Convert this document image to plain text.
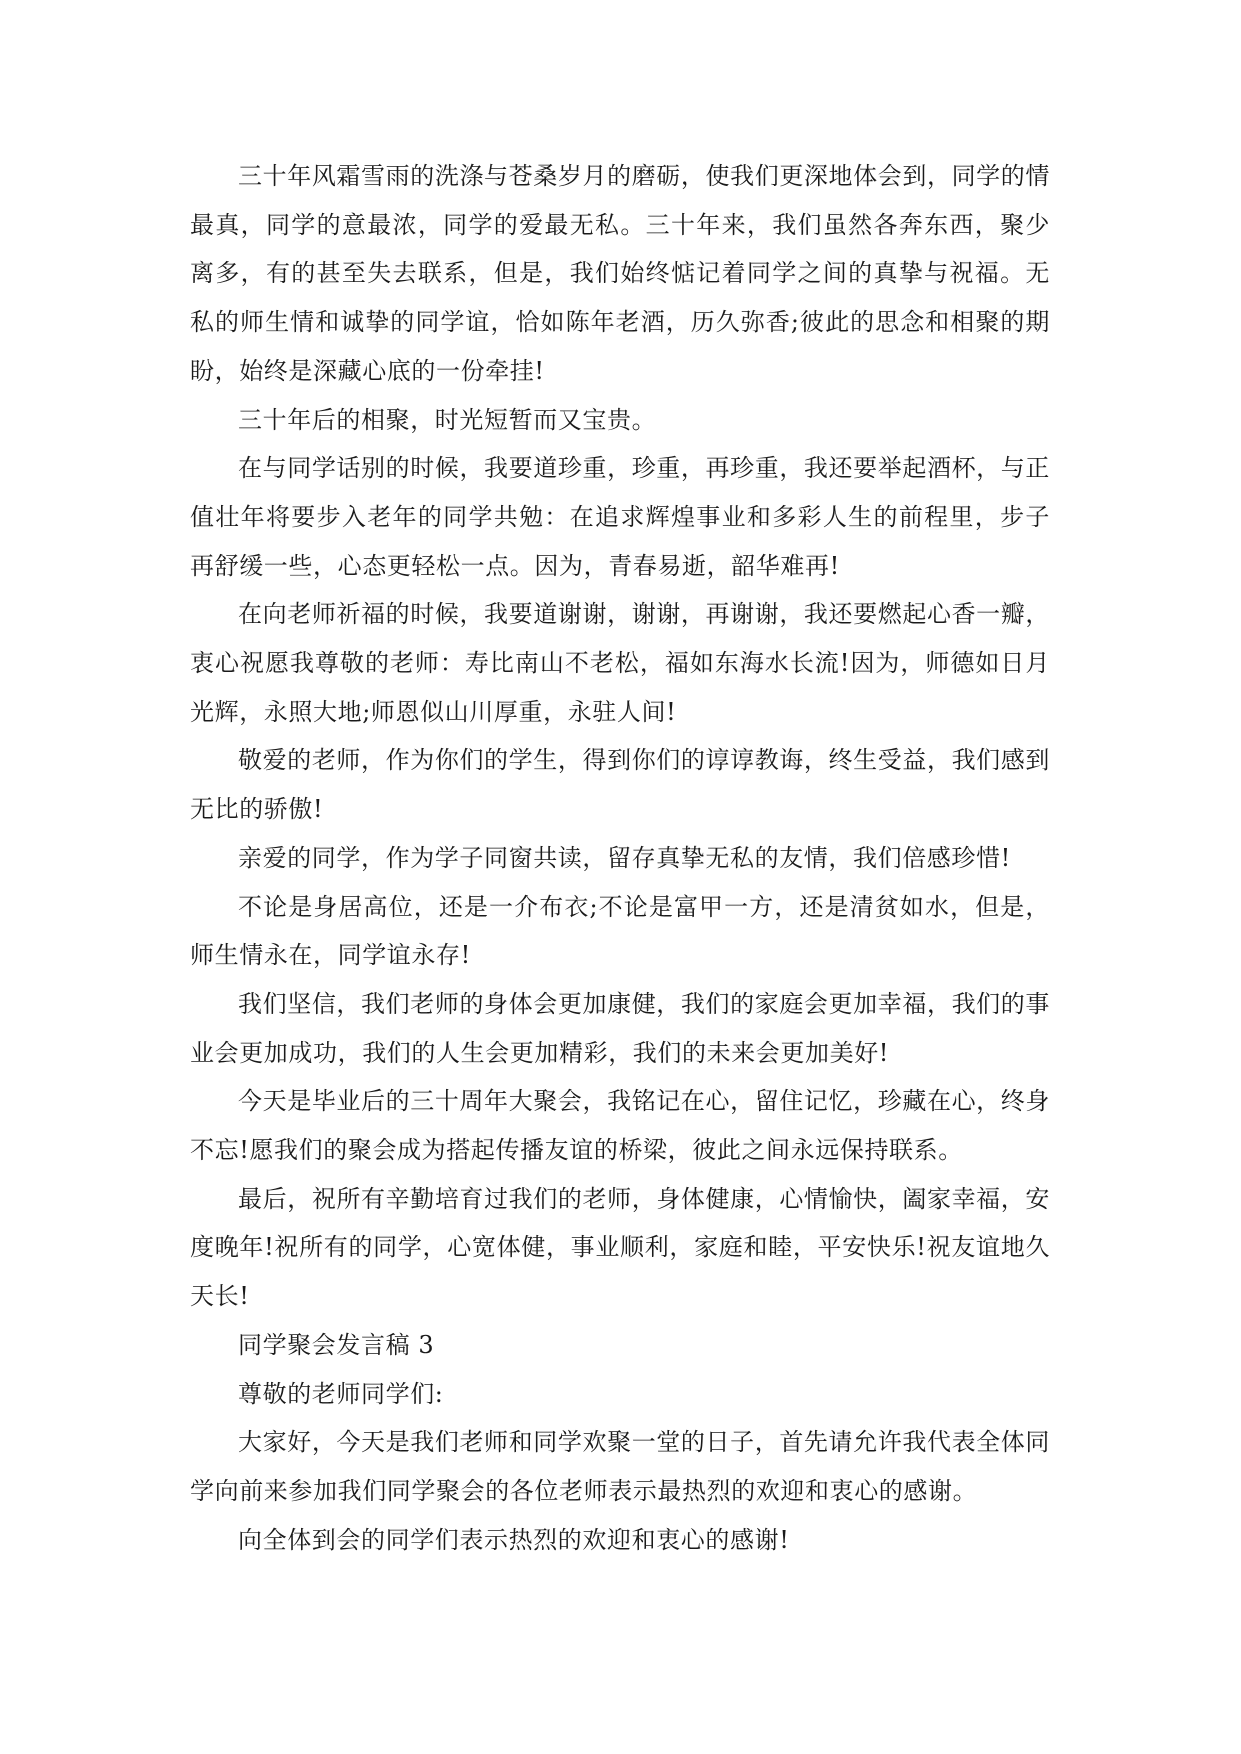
三十年风霜雪雨的洗涤与苍桑岁月的磨砺，使我们更深地体会到，同学的情最真，同学的意最浓，同学的爱最无私。三十年来，我们虽然各奔东西，聚少离多，有的甚至失去联系，但是，我们始终惦记着同学之间的真挚与祝福。无私的师生情和诚挚的同学谊，恰如陈年老酒，历久弥香;彼此的思念和相聚的期盼，始终是深藏心底的一份牵挂!

三十年后的相聚，时光短暂而又宝贵。

在与同学话别的时候，我要道珍重，珍重，再珍重，我还要举起酒杯，与正值壮年将要步入老年的同学共勉：在追求辉煌事业和多彩人生的前程里，步子再舒缓一些，心态更轻松一点。因为，青春易逝，韶华难再!

在向老师祈福的时候，我要道谢谢，谢谢，再谢谢，我还要燃起心香一瓣，衷心祝愿我尊敬的老师：寿比南山不老松，福如东海水长流!因为，师德如日月光辉，永照大地;师恩似山川厚重，永驻人间!

敬爱的老师，作为你们的学生，得到你们的谆谆教诲，终生受益，我们感到无比的骄傲!

亲爱的同学，作为学子同窗共读，留存真挚无私的友情，我们倍感珍惜!

不论是身居高位，还是一介布衣;不论是富甲一方，还是清贫如水，但是，师生情永在，同学谊永存!

我们坚信，我们老师的身体会更加康健，我们的家庭会更加幸福，我们的事业会更加成功，我们的人生会更加精彩，我们的未来会更加美好!

今天是毕业后的三十周年大聚会，我铭记在心，留住记忆，珍藏在心，终身不忘!愿我们的聚会成为搭起传播友谊的桥梁，彼此之间永远保持联系。

最后，祝所有辛勤培育过我们的老师，身体健康，心情愉快，阖家幸福，安度晚年!祝所有的同学，心宽体健，事业顺利，家庭和睦，平安快乐!祝友谊地久天长!

同学聚会发言稿 3

尊敬的老师同学们:

大家好，今天是我们老师和同学欢聚一堂的日子，首先请允许我代表全体同学向前来参加我们同学聚会的各位老师表示最热烈的欢迎和衷心的感谢。

向全体到会的同学们表示热烈的欢迎和衷心的感谢!
